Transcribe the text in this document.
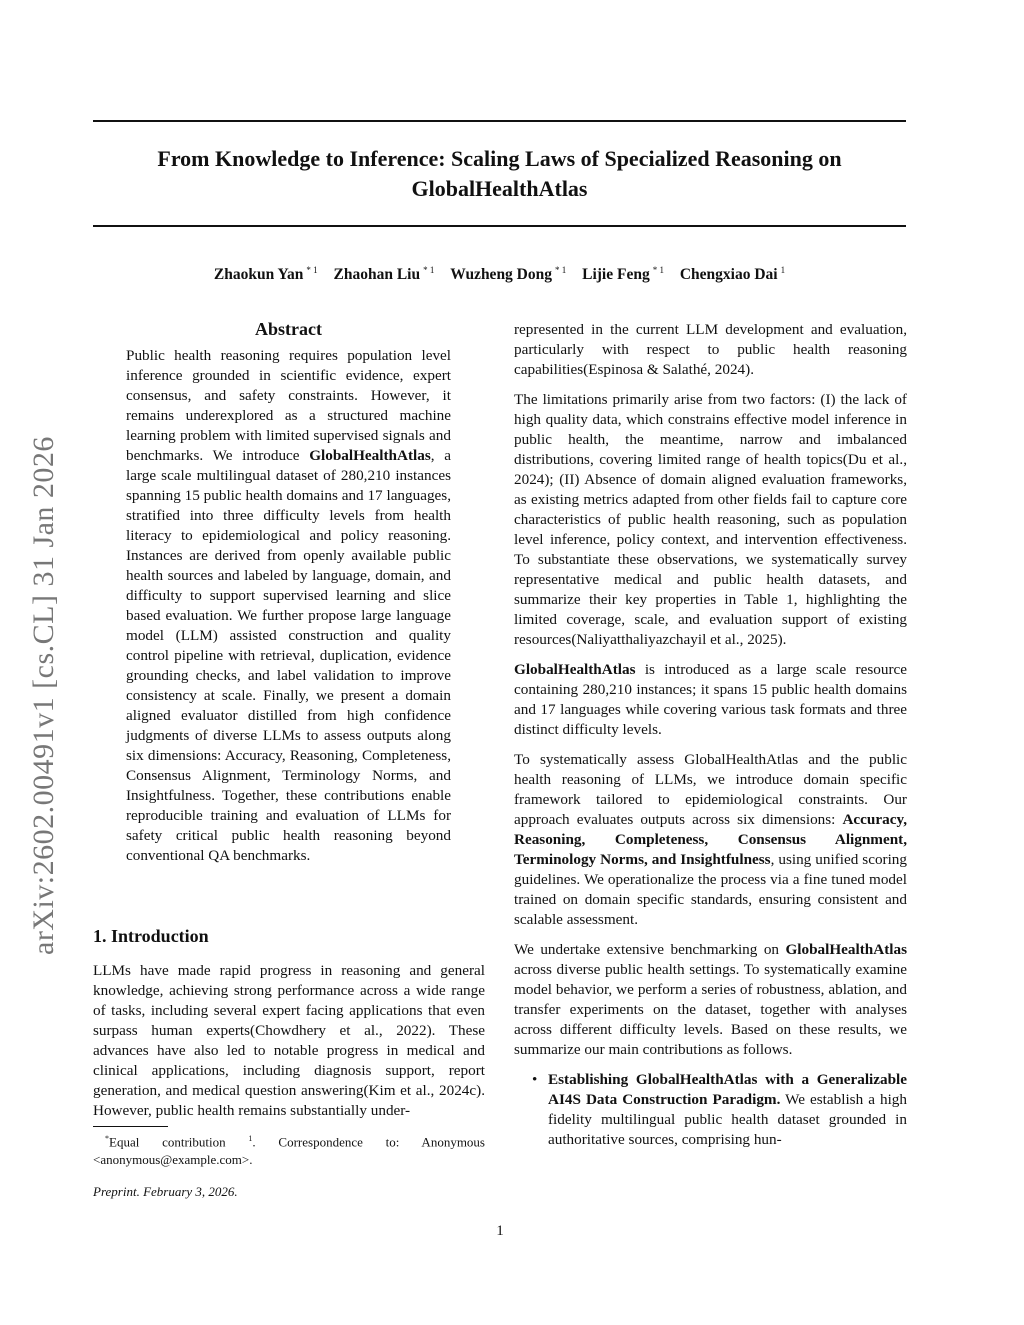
arXiv:2602.00491v1 [cs.CL] 31 Jan 2026
From Knowledge to Inference: Scaling Laws of Specialized Reasoning on
GlobalHealthAtlas
Zhaokun Yan $^{* 1}$ Zhaohan Liu $^{* 1}$ Wuzheng Dong $^{* 1}$ Lijie Feng $^{* 1}$ Chengxiao Dai $^1$
Abstract

Public health reasoning requires population level inference grounded in scientific evidence, expert consensus, and safety constraints. However, it remains underexplored as a structured machine learning problem with limited supervised signals and benchmarks. We introduce GlobalHealthAtlas, a large scale multilingual dataset of 280,210 instances spanning 15 public health domains and 17 languages, stratified into three difficulty levels from health literacy to epidemiological and policy reasoning. Instances are derived from openly available public health sources and labeled by language, domain, and difficulty to support supervised learning and slice based evaluation. We further propose large language model (LLM) assisted construction and quality control pipeline with retrieval, duplication, evidence grounding checks, and label validation to improve consistency at scale. Finally, we present a domain aligned evaluator distilled from high confidence judgments of diverse LLMs to assess outputs along six dimensions: Accuracy, Reasoning, Completeness, Consensus Alignment, Terminology Norms, and Insightfulness. Together, these contributions enable reproducible training and evaluation of LLMs for safety critical public health reasoning beyond conventional QA benchmarks.

1. Introduction

LLMs have made rapid progress in reasoning and general knowledge, achieving strong performance across a wide range of tasks, including several expert facing applications that even surpass human experts(Chowdhery et al., 2022). These advances have also led to notable progress in medical and clinical applications, including diagnosis support, report generation, and medical question answering(Kim et al., 2024c). However, public health remains substantially under-

*Equal contribution $^1$. Correspondence to: Anonymous <anonymous@example.com>.

Preprint. February 3, 2026.

represented in the current LLM development and evaluation, particularly with respect to public health reasoning capabilities(Espinosa & Salathé, 2024).

The limitations primarily arise from two factors: (I) the lack of high quality data, which constrains effective model inference in public health, the meantime, narrow and imbalanced distributions, covering limited range of health topics(Du et al., 2024); (II) Absence of domain aligned evaluation frameworks, as existing metrics adapted from other fields fail to capture core characteristics of public health reasoning, such as population level inference, policy context, and intervention effectiveness. To substantiate these observations, we systematically survey representative medical and public health datasets, and summarize their key properties in Table 1, highlighting the limited coverage, scale, and evaluation support of existing resources(Naliyatthaliyazchayil et al., 2025).

GlobalHealthAtlas is introduced as a large scale resource containing 280,210 instances; it spans 15 public health domains and 17 languages while covering various task formats and three distinct difficulty levels.

To systematically assess GlobalHealthAtlas and the public health reasoning of LLMs, we introduce domain specific framework tailored to epidemiological constraints. Our approach evaluates outputs across six dimensions: Accuracy, Reasoning, Completeness, Consensus Alignment, Terminology Norms, and Insightfulness, using unified scoring guidelines. We operationalize the process via a fine tuned model trained on domain specific standards, ensuring consistent and scalable assessment.

We undertake extensive benchmarking on GlobalHealthAtlas across diverse public health settings. To systematically examine model behavior, we perform a series of robustness, ablation, and transfer experiments on the dataset, together with analyses across different difficulty levels. Based on these results, we summarize our main contributions as follows.

• Establishing GlobalHealthAtlas with a Generalizable AI4S Data Construction Paradigm. We establish a high fidelity multilingual public health dataset grounded in authoritative sources, comprising hun-
1
